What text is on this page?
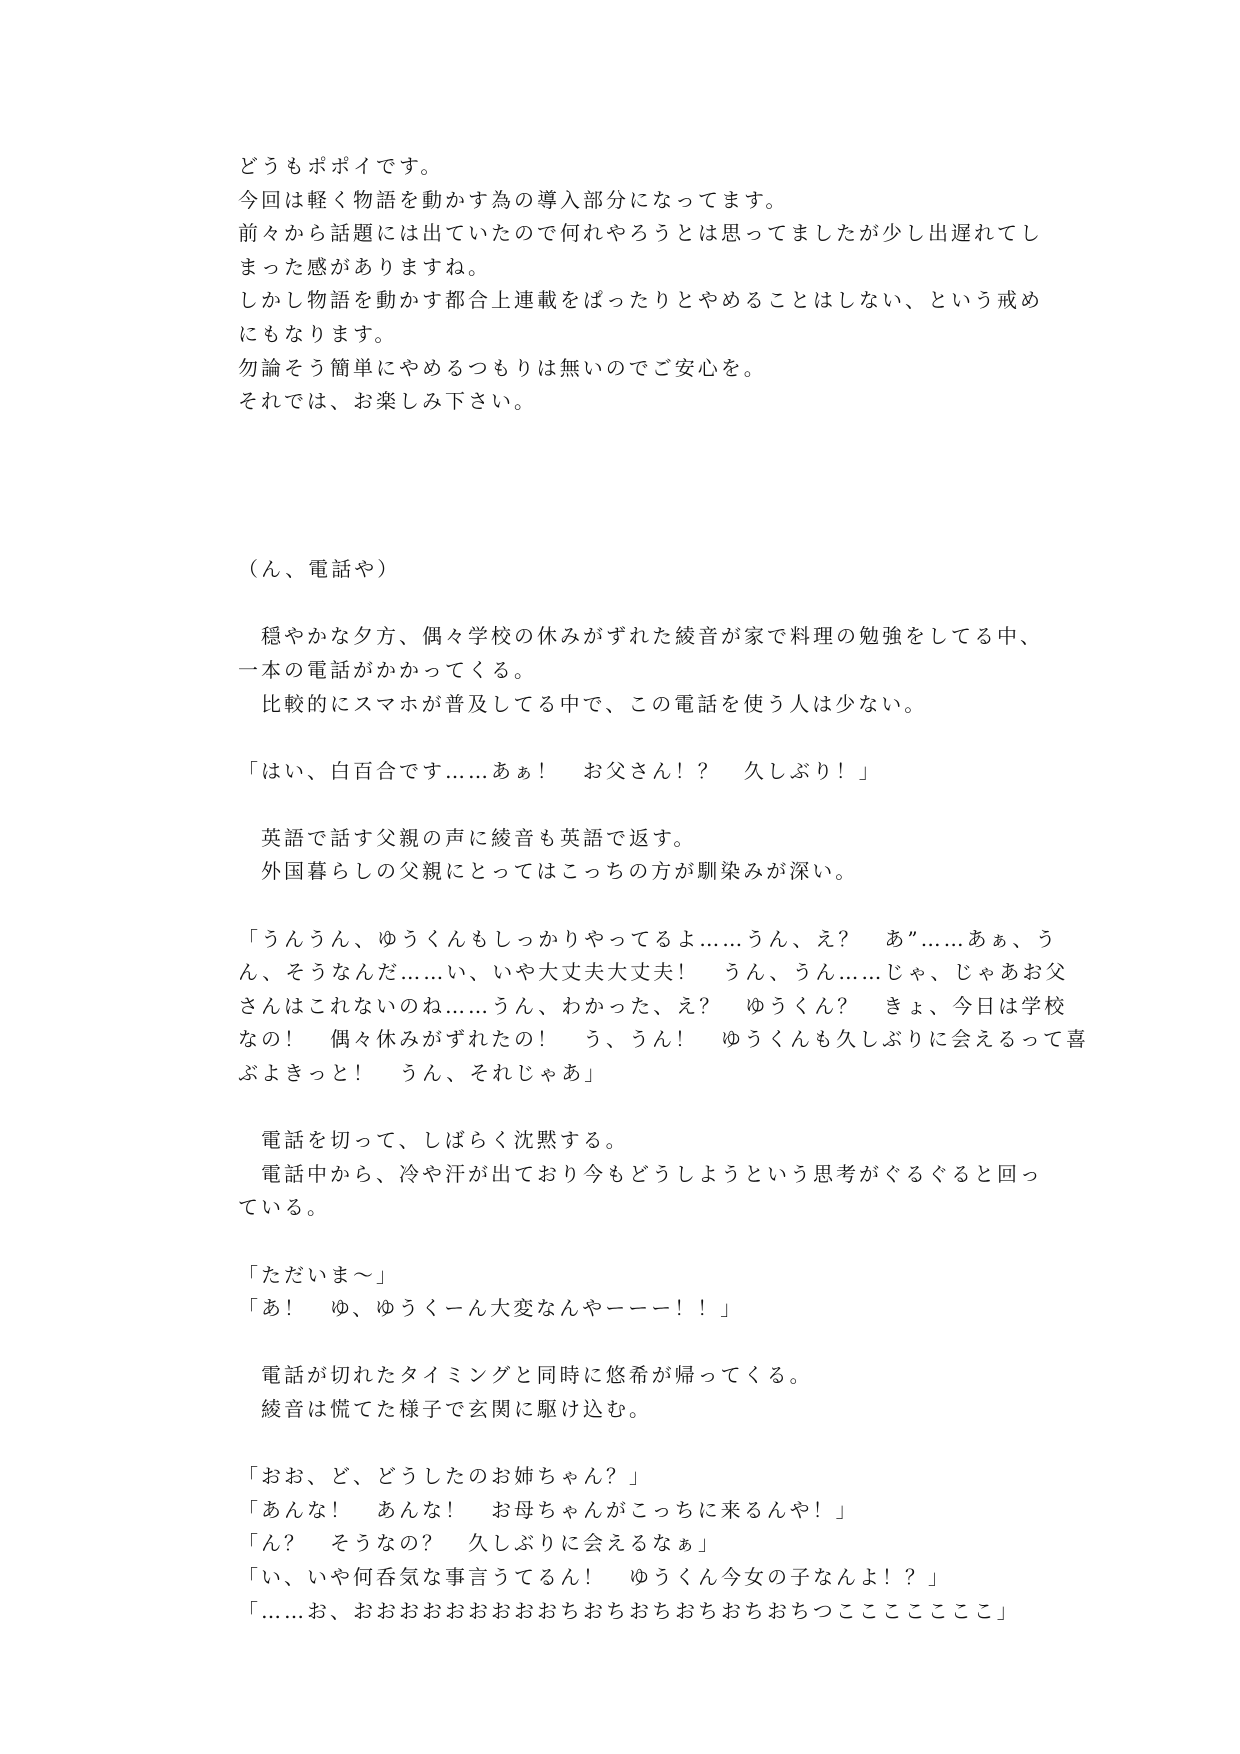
どうもポポイです。
今回は軽く物語を動かす為の導入部分になってます。
前々から話題には出ていたので何れやろうとは思ってましたが少し出遅れてし
まった感がありますね。
しかし物語を動かす都合上連載をぱったりとやめることはしない、という戒め
にもなります。
勿論そう簡単にやめるつもりは無いのでご安心を。
それでは、お楽しみ下さい。
（ん、電話や）
　穏やかな夕方、偶々学校の休みがずれた綾音が家で料理の勉強をしてる中、
一本の電話がかかってくる。
　比較的にスマホが普及してる中で、この電話を使う人は少ない。
「はい、白百合です……あぁ！　お父さん！？　久しぶり！」
　英語で話す父親の声に綾音も英語で返す。
　外国暮らしの父親にとってはこっちの方が馴染みが深い。
「うんうん、ゆうくんもしっかりやってるよ……うん、え？　あ”……あぁ、う
ん、そうなんだ……い、いや大丈夫大丈夫！　うん、うん……じゃ、じゃあお父
さんはこれないのね……うん、わかった、え？　ゆうくん？　きょ、今日は学校
なの！　偶々休みがずれたの！　う、うん！　ゆうくんも久しぶりに会えるって喜
ぶよきっと！　うん、それじゃあ」
　電話を切って、しばらく沈黙する。
　電話中から、冷や汗が出ており今もどうしようという思考がぐるぐると回っ
ている。
「ただいま～」
「あ！　ゆ、ゆうくーん大変なんやーーー！！」
　電話が切れたタイミングと同時に悠希が帰ってくる。
　綾音は慌てた様子で玄関に駆け込む。
「おお、ど、どうしたのお姉ちゃん？」
「あんな！　あんな！　お母ちゃんがこっちに来るんや！」
「ん？　そうなの？　久しぶりに会えるなぁ」
「い、いや何呑気な事言うてるん！　ゆうくん今女の子なんよ！？」
「……お、おおおおおおおおおちおちおちおちおちおちつこここここここ」
